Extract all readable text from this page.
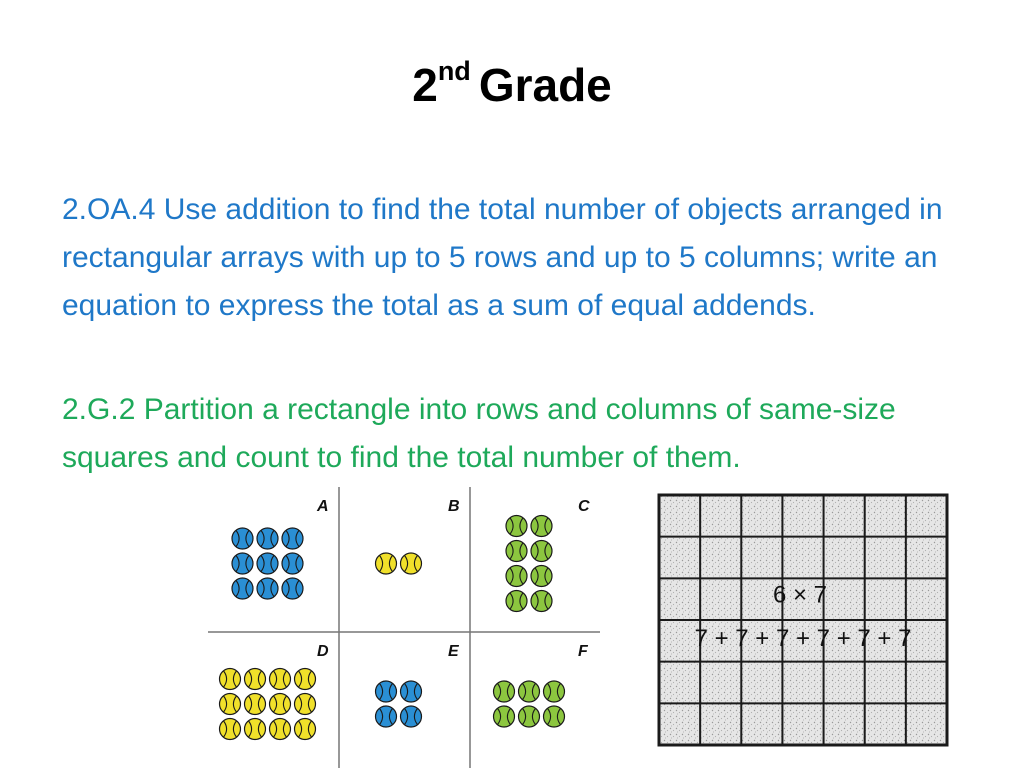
2nd Grade

2.OA.4 Use addition to find the total number of objects arranged in rectangular arrays with up to 5 rows and up to 5 columns; write an equation to express the total as a sum of equal addends.

2.G.2 Partition a rectangle into rows and columns of same-size squares and count to find the total number of them.

A	B	C
D	E	F
6 × 7
7 + 7 + 7 + 7 + 7 + 7
